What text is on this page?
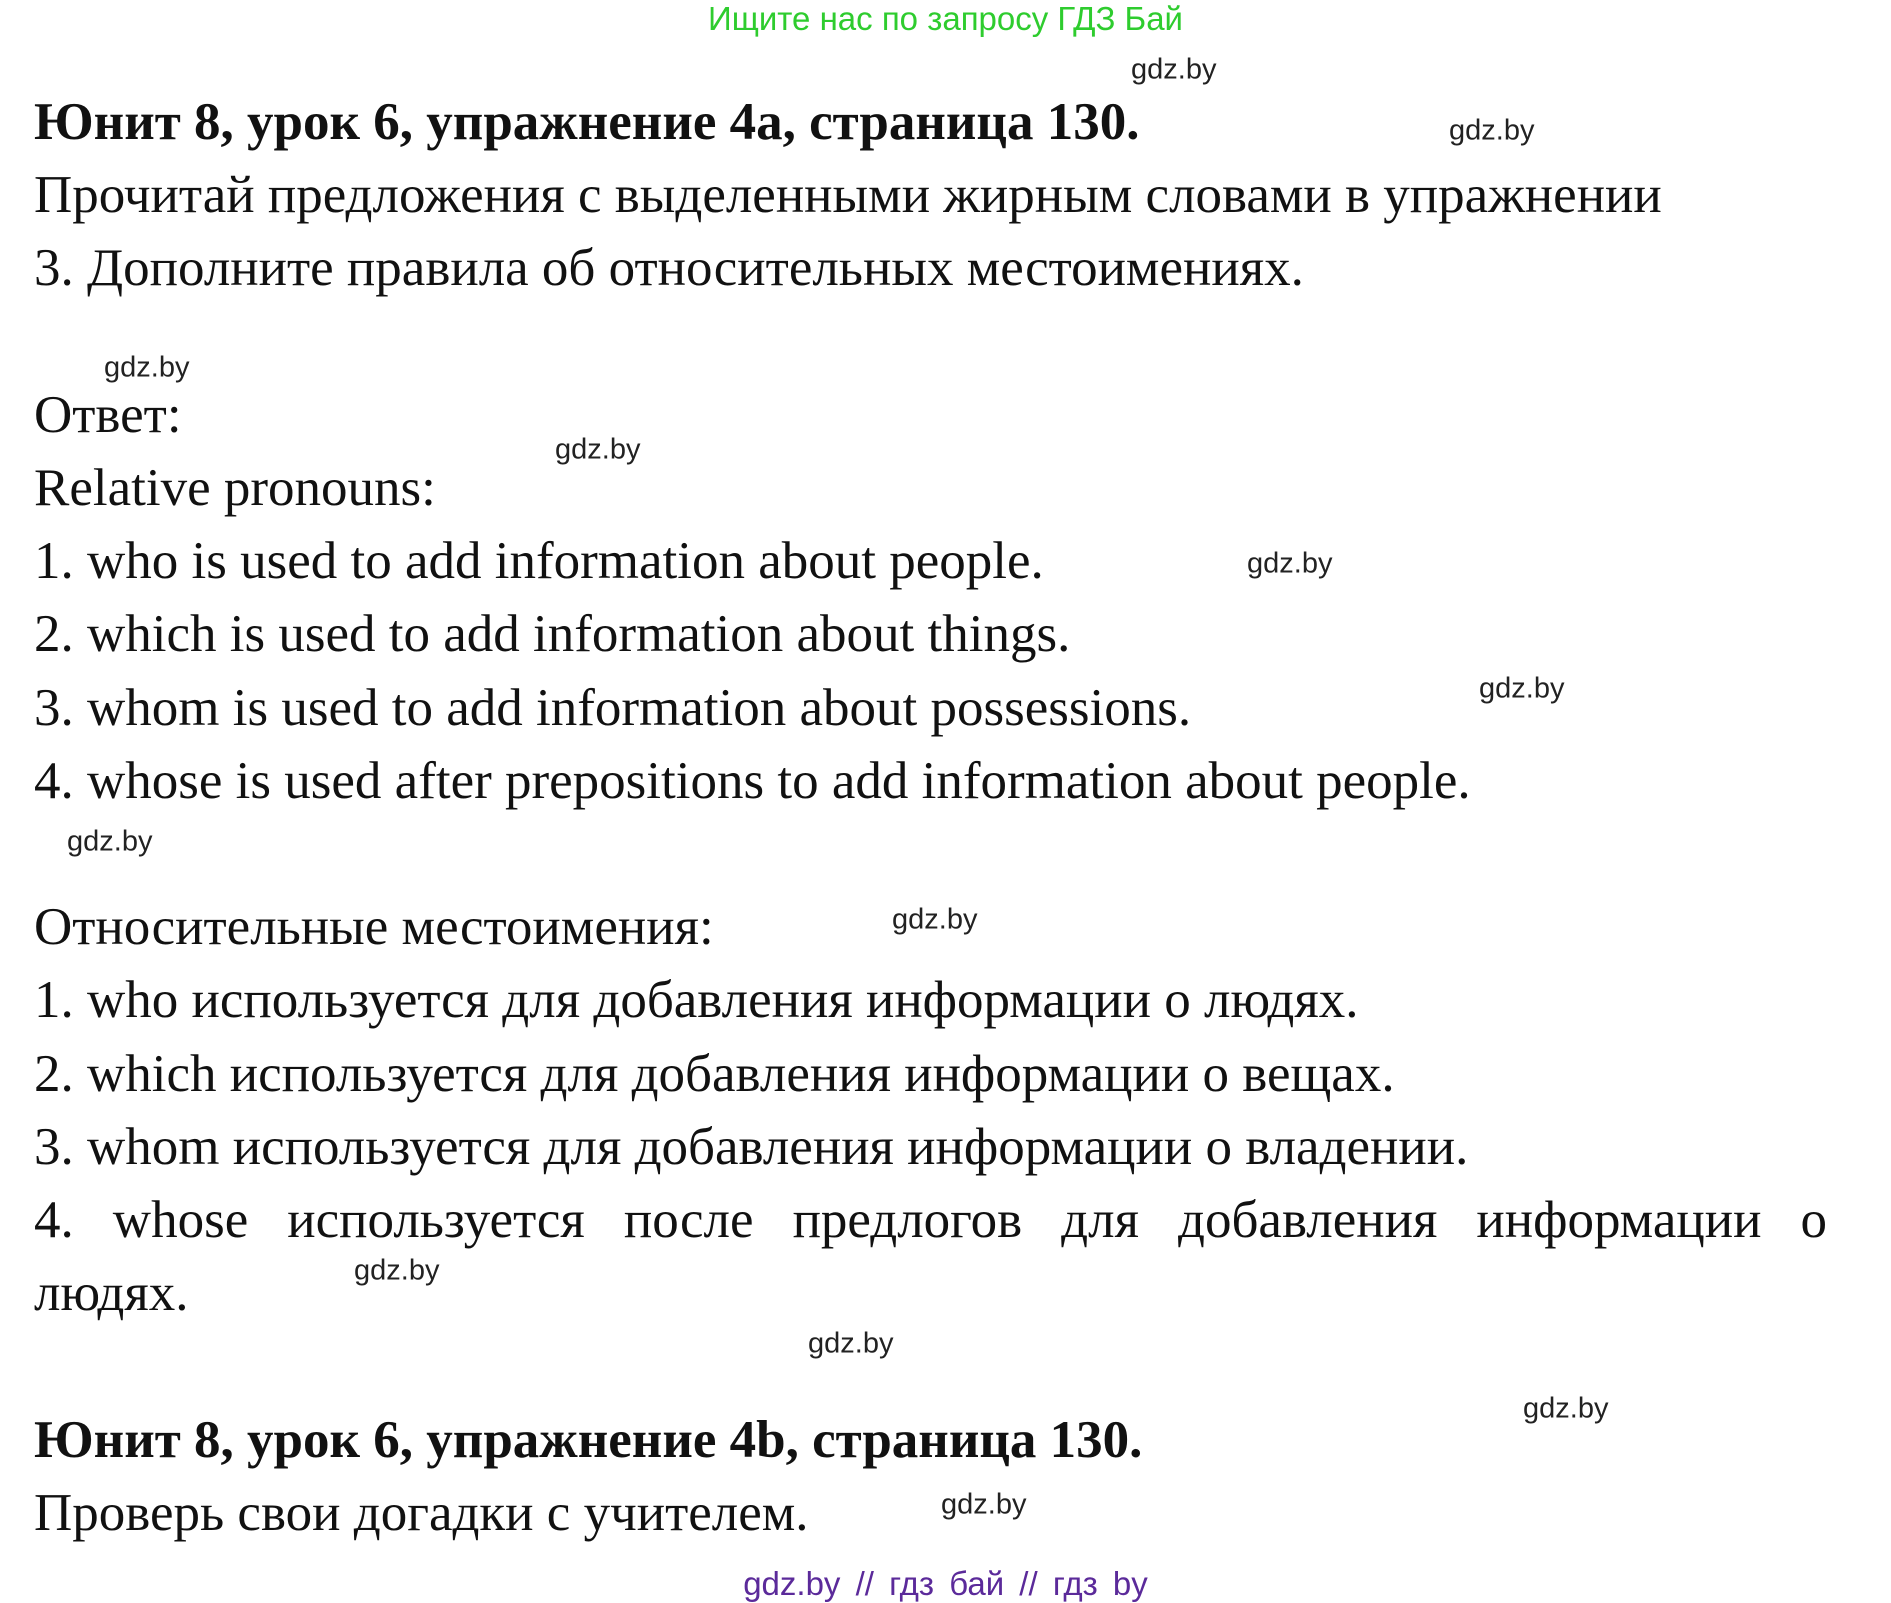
Ищите нас по запросу ГДЗ Бай
Юнит 8, урок 6, упражнение 4a, страница 130.
Прочитай предложения с выделенными жирным словами в упражнении
3. Дополните правила об относительных местоимениях.
Ответ:
Relative pronouns:
1. who is used to add information about people.
2. which is used to add information about things.
3. whom is used to add information about possessions.
4. whose is used after prepositions to add information about people.
Относительные местоимения:
1. who используется для добавления информации о людях.
2. which используется для добавления информации о вещах.
3. whom используется для добавления информации о владении.
4. whose используется после предлогов для добавления информации о
людях.
Юнит 8, урок 6, упражнение 4b, страница 130.
Проверь свои догадки с учителем.
gdz.by
gdz.by
gdz.by
gdz.by
gdz.by
gdz.by
gdz.by
gdz.by
gdz.by
gdz.by
gdz.by
gdz.by
gdz.by // гдз бай // гдз by
